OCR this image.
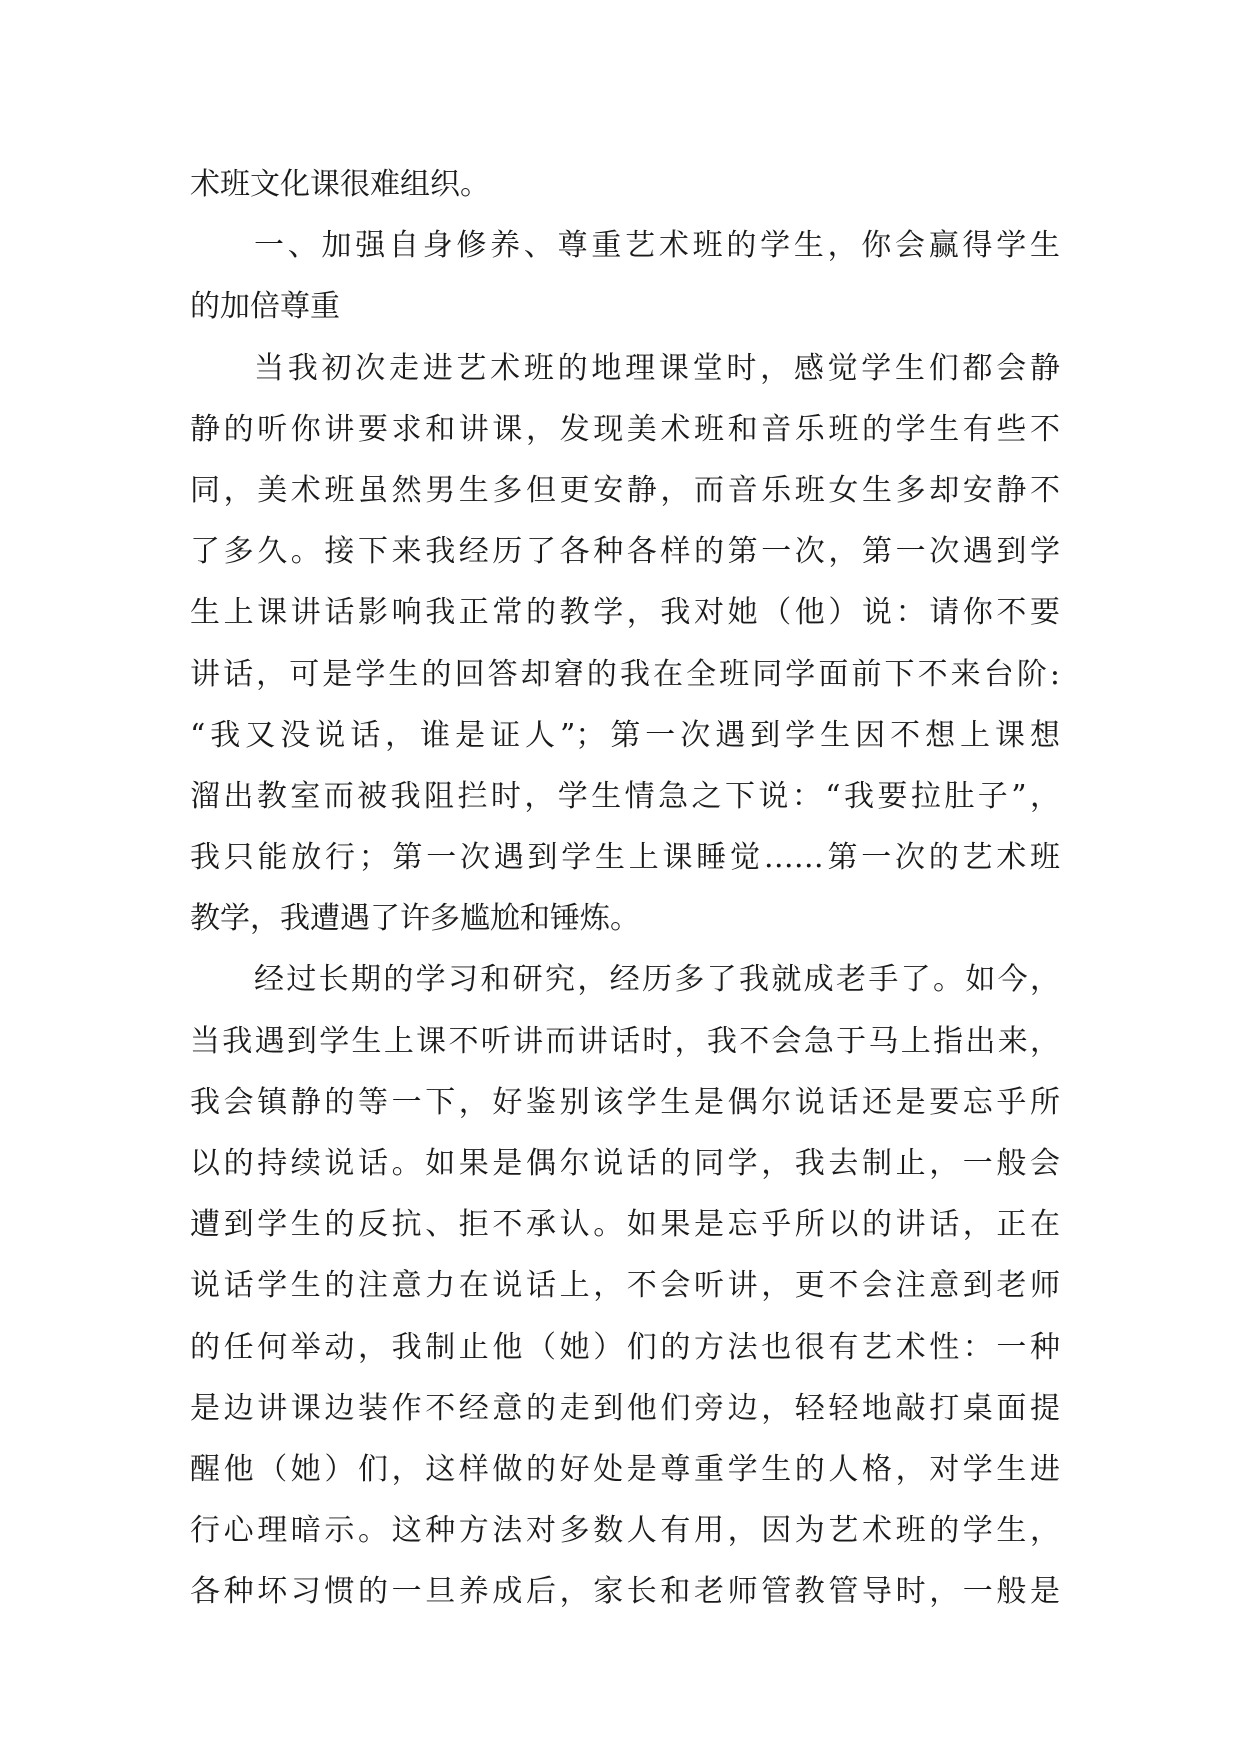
术班文化课很难组织。
一、加强自身修养、尊重艺术班的学生，你会赢得学生
的加倍尊重
当我初次走进艺术班的地理课堂时，感觉学生们都会静
静的听你讲要求和讲课，发现美术班和音乐班的学生有些不
同，美术班虽然男生多但更安静，而音乐班女生多却安静不
了多久。接下来我经历了各种各样的第一次，第一次遇到学
生上课讲话影响我正常的教学，我对她（他）说：请你不要
讲话，可是学生的回答却窘的我在全班同学面前下不来台阶:
“我又没说话，谁是证人”；第一次遇到学生因不想上课想
溜出教室而被我阻拦时，学生情急之下说：“我要拉肚子”，
我只能放行；第一次遇到学生上课睡觉……第一次的艺术班
教学，我遭遇了许多尴尬和锤炼。
经过长期的学习和研究，经历多了我就成老手了。如今，
当我遇到学生上课不听讲而讲话时，我不会急于马上指出来，
我会镇静的等一下，好鉴别该学生是偶尔说话还是要忘乎所
以的持续说话。如果是偶尔说话的同学，我去制止，一般会
遭到学生的反抗、拒不承认。如果是忘乎所以的讲话，正在
说话学生的注意力在说话上，不会听讲，更不会注意到老师
的任何举动，我制止他（她）们的方法也很有艺术性：一种
是边讲课边装作不经意的走到他们旁边，轻轻地敲打桌面提
醒他（她）们，这样做的好处是尊重学生的人格，对学生进
行心理暗示。这种方法对多数人有用，因为艺术班的学生，
各种坏习惯的一旦养成后，家长和老师管教管导时，一般是
